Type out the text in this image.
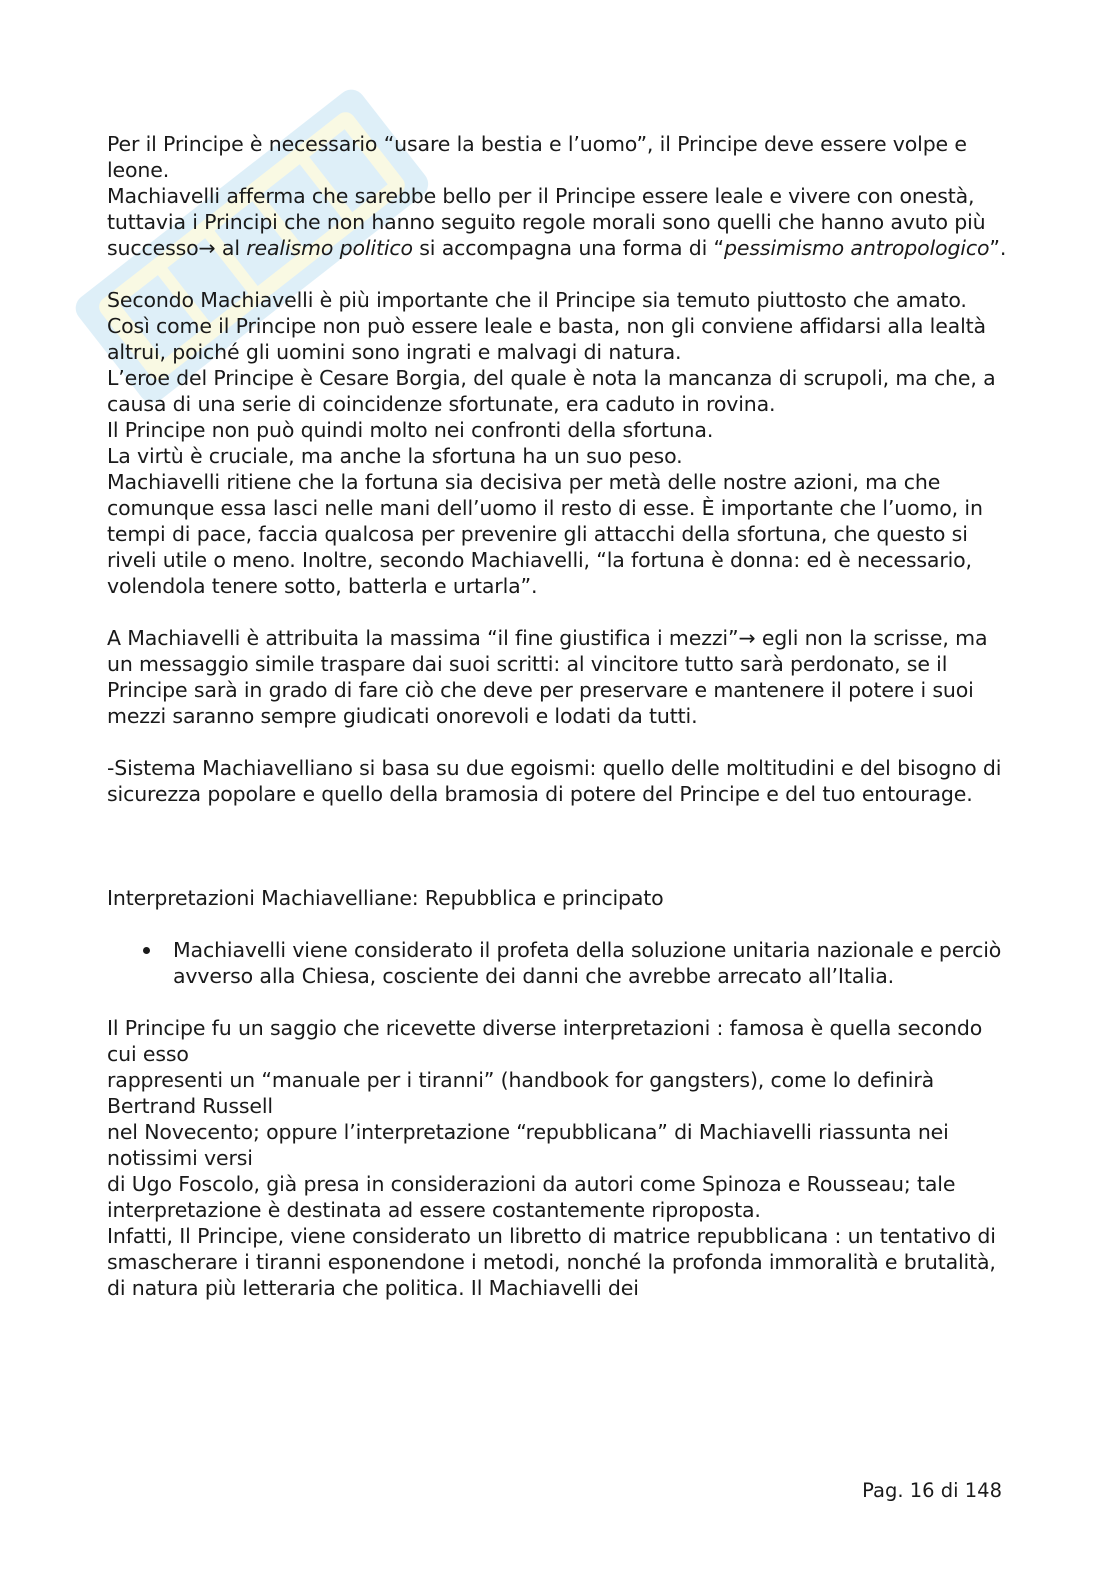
Per il Principe è necessario “usare la bestia e l’uomo”, il Principe deve essere volpe e leone.

Machiavelli afferma che sarebbe bello per il Principe essere leale e vivere con onestà, tuttavia i Principi che non hanno seguito regole morali sono quelli che hanno avuto più successo→ al realismo politico si accompagna una forma di “pessimismo antropologico”.

Secondo Machiavelli è più importante che il Principe sia temuto piuttosto che amato. Così come il Principe non può essere leale e basta, non gli conviene affidarsi alla lealtà altrui, poiché gli uomini sono ingrati e malvagi di natura.

L’eroe del Principe è Cesare Borgia, del quale è nota la mancanza di scrupoli, ma che, a causa di una serie di coincidenze sfortunate, era caduto in rovina.

Il Principe non può quindi molto nei confronti della sfortuna.

La virtù è cruciale, ma anche la sfortuna ha un suo peso.

Machiavelli ritiene che la fortuna sia decisiva per metà delle nostre azioni, ma che comunque essa lasci nelle mani dell’uomo il resto di esse. È importante che l’uomo, in tempi di pace, faccia qualcosa per prevenire gli attacchi della sfortuna, che questo si riveli utile o meno. Inoltre, secondo Machiavelli, “la fortuna è donna: ed è necessario, volendola tenere sotto, batterla e urtarla”.

A Machiavelli è attribuita la massima “il fine giustifica i mezzi”→ egli non la scrisse, ma un messaggio simile traspare dai suoi scritti: al vincitore tutto sarà perdonato, se il Principe sarà in grado di fare ciò che deve per preservare e mantenere il potere i suoi mezzi saranno sempre giudicati onorevoli e lodati da tutti.

-Sistema Machiavelliano si basa su due egoismi: quello delle moltitudini e del bisogno di sicurezza popolare e quello della bramosia di potere del Principe e del tuo entourage.

Interpretazioni Machiavelliane: Repubblica e principato

Machiavelli viene considerato il profeta della soluzione unitaria nazionale e perciò avverso alla Chiesa, cosciente dei danni che avrebbe arrecato all’Italia.

Il Principe fu un saggio che ricevette diverse interpretazioni : famosa è quella secondo cui esso

rappresenti un “manuale per i tiranni” (handbook for gangsters), come lo definirà Bertrand Russell

nel Novecento; oppure l’interpretazione “repubblicana” di Machiavelli riassunta nei notissimi versi

di Ugo Foscolo, già presa in considerazioni da autori come Spinoza e Rousseau; tale interpretazione è destinata ad essere costantemente riproposta.

Infatti, Il Principe, viene considerato un libretto di matrice repubblicana : un tentativo di smascherare i tiranni esponendone i metodi, nonché la profonda immoralità e brutalità, di natura più letteraria che politica. Il Machiavelli dei

Pag. 16 di 148
